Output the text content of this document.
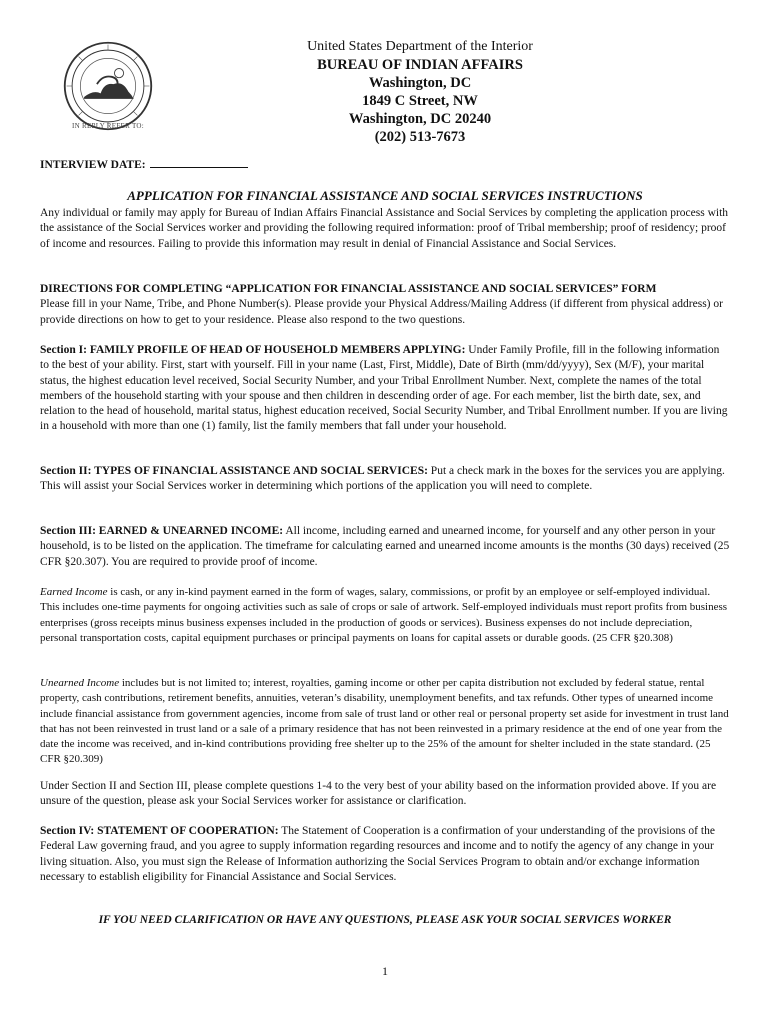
IN REPLY REFER TO:
United States Department of the Interior
BUREAU OF INDIAN AFFAIRS
Washington, DC
1849 C Street, NW
Washington, DC 20240
(202) 513-7673
INTERVIEW DATE:
APPLICATION FOR FINANCIAL ASSISTANCE AND SOCIAL SERVICES INSTRUCTIONS

Any individual or family may apply for Bureau of Indian Affairs Financial Assistance and Social Services by completing the application process with the assistance of the Social Services worker and providing the following required information: proof of Tribal membership; proof of residency; proof of income and resources. Failing to provide this information may result in denial of Financial Assistance and Social Services.

DIRECTIONS FOR COMPLETING “APPLICATION FOR FINANCIAL ASSISTANCE AND SOCIAL SERVICES” FORM
Please fill in your Name, Tribe, and Phone Number(s). Please provide your Physical Address/Mailing Address (if different from physical address) or provide directions on how to get to your residence. Please also respond to the two questions.

Section I: FAMILY PROFILE OF HEAD OF HOUSEHOLD MEMBERS APPLYING: Under Family Profile, fill in the following information to the best of your ability. First, start with yourself. Fill in your name (Last, First, Middle), Date of Birth (mm/dd/yyyy), Sex (M/F), your marital status, the highest education level received, Social Security Number, and your Tribal Enrollment Number. Next, complete the names of the total members of the household starting with your spouse and then children in descending order of age. For each member, list the birth date, sex, and relation to the head of household, marital status, highest education received, Social Security Number, and Tribal Enrollment number. If you are living in a household with more than one (1) family, list the family members that fall under your household.

Section II: TYPES OF FINANCIAL ASSISTANCE AND SOCIAL SERVICES: Put a check mark in the boxes for the services you are applying. This will assist your Social Services worker in determining which portions of the application you will need to complete.

Section III: EARNED & UNEARNED INCOME: All income, including earned and unearned income, for yourself and any other person in your household, is to be listed on the application. The timeframe for calculating earned and unearned income amounts is the months (30 days) received (25 CFR §20.307). You are required to provide proof of income.

Earned Income is cash, or any in-kind payment earned in the form of wages, salary, commissions, or profit by an employee or self-employed individual. This includes one-time payments for ongoing activities such as sale of crops or sale of artwork. Self-employed individuals must report profits from business enterprises (gross receipts minus business expenses included in the production of goods or services). Business expenses do not include depreciation, personal transportation costs, capital equipment purchases or principal payments on loans for capital assets or durable goods. (25 CFR §20.308)

Unearned Income includes but is not limited to; interest, royalties, gaming income or other per capita distribution not excluded by federal statue, rental property, cash contributions, retirement benefits, annuities, veteran’s disability, unemployment benefits, and tax refunds. Other types of unearned income include financial assistance from government agencies, income from sale of trust land or other real or personal property set aside for investment in trust land that has not been reinvested in trust land or a sale of a primary residence that has not been reinvested in a primary residence at the end of one year from the date the income was received, and in-kind contributions providing free shelter up to the 25% of the amount for shelter included in the state standard. (25 CFR §20.309)

Under Section II and Section III, please complete questions 1-4 to the very best of your ability based on the information provided above. If you are unsure of the question, please ask your Social Services worker for assistance or clarification.

Section IV: STATEMENT OF COOPERATION: The Statement of Cooperation is a confirmation of your understanding of the provisions of the Federal Law governing fraud, and you agree to supply information regarding resources and income and to notify the agency of any change in your living situation. Also, you must sign the Release of Information authorizing the Social Services Program to obtain and/or exchange information necessary to establish eligibility for Financial Assistance and Social Services.

IF YOU NEED CLARIFICATION OR HAVE ANY QUESTIONS, PLEASE ASK YOUR SOCIAL SERVICES WORKER
1
